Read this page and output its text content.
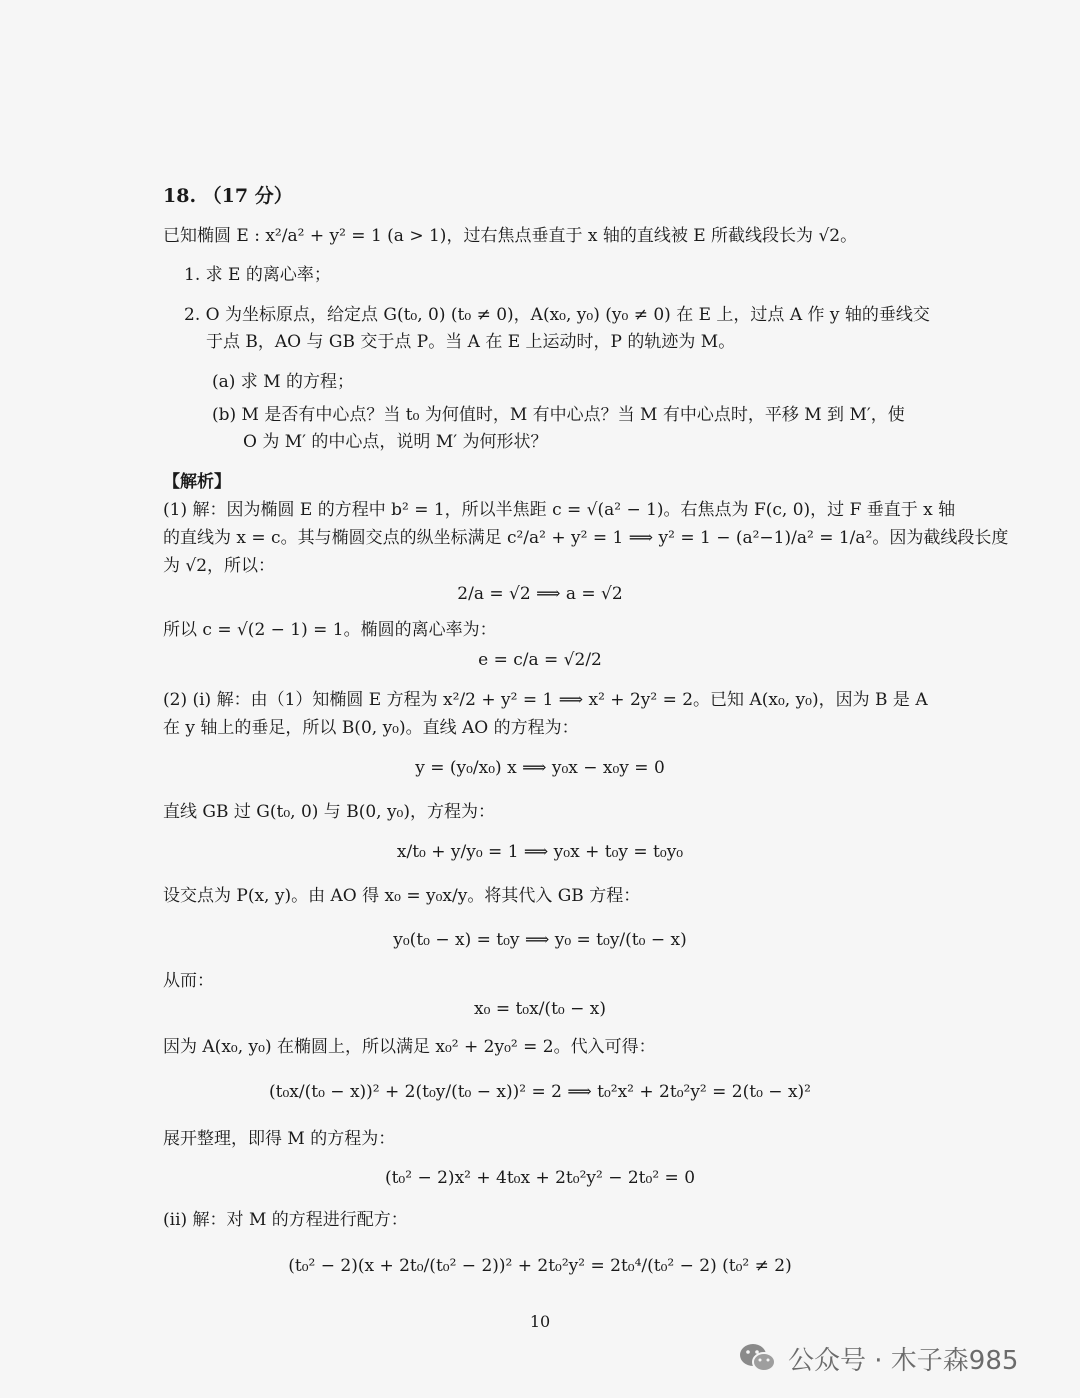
18. （17 分）
已知椭圆 E : x²/a² + y² = 1 (a > 1)，过右焦点垂直于 x 轴的直线被 E 所截线段长为 √2。
1. 求 E 的离心率；
2. O 为坐标原点，给定点 G(t₀, 0) (t₀ ≠ 0)，A(x₀, y₀) (y₀ ≠ 0) 在 E 上，过点 A 作 y 轴的垂线交
于点 B，AO 与 GB 交于点 P。当 A 在 E 上运动时，P 的轨迹为 M。
(a) 求 M 的方程；
(b) M 是否有中心点？当 t₀ 为何值时，M 有中心点？当 M 有中心点时，平移 M 到 M′，使
O 为 M′ 的中心点，说明 M′ 为何形状？
【解析】
(1) 解：因为椭圆 E 的方程中 b² = 1，所以半焦距 c = √(a² − 1)。右焦点为 F(c, 0)，过 F 垂直于 x 轴
的直线为 x = c。其与椭圆交点的纵坐标满足 c²/a² + y² = 1 ⟹ y² = 1 − (a²−1)/a² = 1/a²。因为截线段长度
为 √2，所以：
2/a = √2 ⟹ a = √2
所以 c = √(2 − 1) = 1。椭圆的离心率为：
e = c/a = √2/2
(2) (i) 解：由（1）知椭圆 E 方程为 x²/2 + y² = 1 ⟹ x² + 2y² = 2。已知 A(x₀, y₀)，因为 B 是 A
在 y 轴上的垂足，所以 B(0, y₀)。直线 AO 的方程为：
y = (y₀/x₀) x ⟹ y₀x − x₀y = 0
直线 GB 过 G(t₀, 0) 与 B(0, y₀)，方程为：
x/t₀ + y/y₀ = 1 ⟹ y₀x + t₀y = t₀y₀
设交点为 P(x, y)。由 AO 得 x₀ = y₀x/y。将其代入 GB 方程：
y₀(t₀ − x) = t₀y ⟹ y₀ = t₀y/(t₀ − x)
从而：
x₀ = t₀x/(t₀ − x)
因为 A(x₀, y₀) 在椭圆上，所以满足 x₀² + 2y₀² = 2。代入可得：
(t₀x/(t₀ − x))² + 2(t₀y/(t₀ − x))² = 2 ⟹ t₀²x² + 2t₀²y² = 2(t₀ − x)²
展开整理，即得 M 的方程为：
(t₀² − 2)x² + 4t₀x + 2t₀²y² − 2t₀² = 0
(ii) 解：对 M 的方程进行配方：
(t₀² − 2)(x + 2t₀/(t₀² − 2))² + 2t₀²y² = 2t₀⁴/(t₀² − 2) (t₀² ≠ 2)
10
公众号 · 木子森985
